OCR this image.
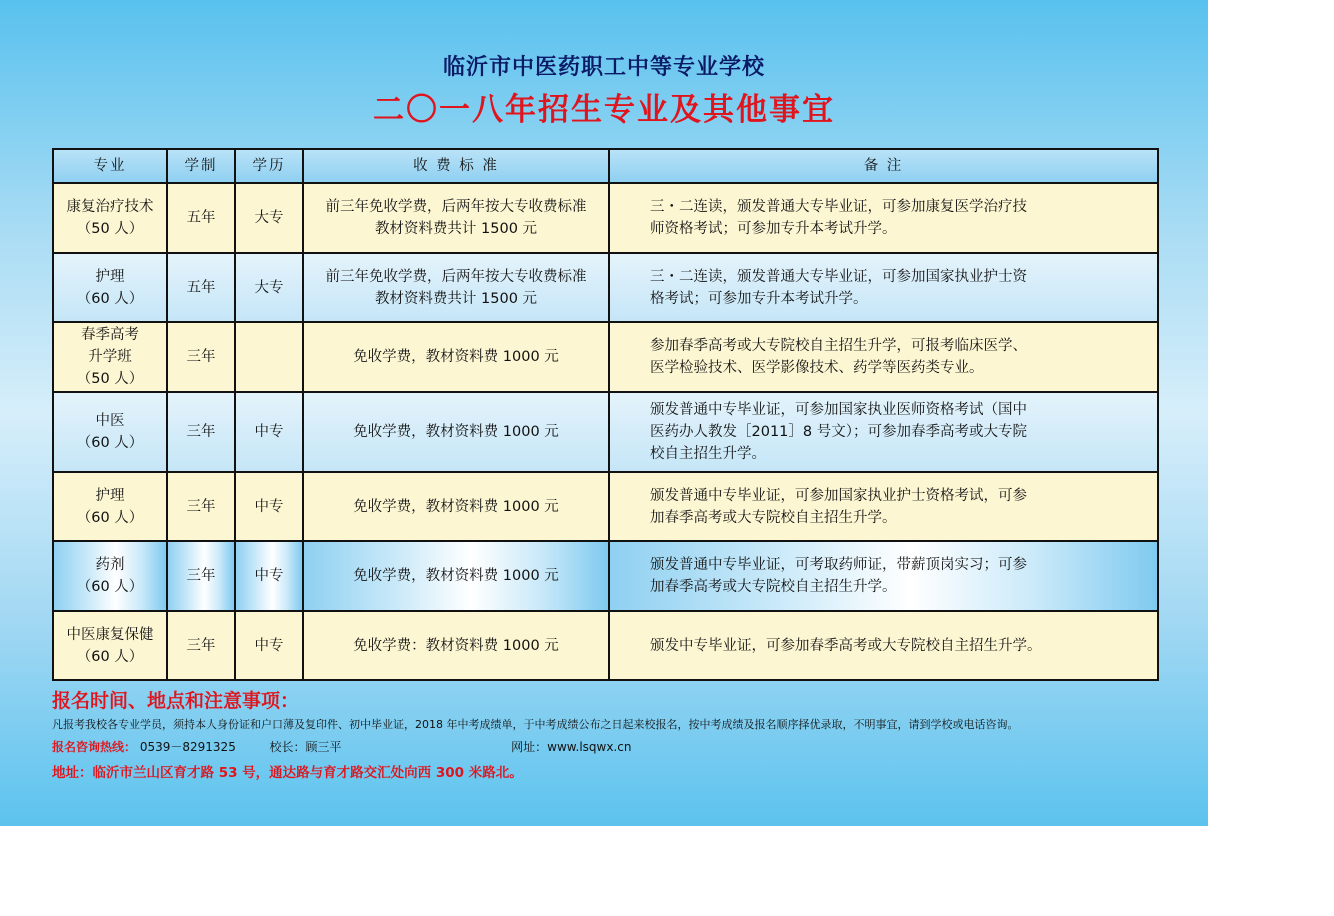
临沂市中医药职工中等专业学校
二〇一八年招生专业及其他事宜
专业	学制	学历	收 费 标 准	备 注

康复治疗技术
（50 人）	五年	大专	前三年免收学费，后两年按大专收费标准
教材资料费共计 1500 元	三・二连读，颁发普通大专毕业证，可参加康复医学治疗技
师资格考试；可参加专升本考试升学。

护理
（60 人）	五年	大专	前三年免收学费，后两年按大专收费标准
教材资料费共计 1500 元	三・二连读，颁发普通大专毕业证，可参加国家执业护士资
格考试；可参加专升本考试升学。

春季高考
升学班
（50 人）	三年		免收学费，教材资料费 1000 元	参加春季高考或大专院校自主招生升学，可报考临床医学、
医学检验技术、医学影像技术、药学等医药类专业。

中医
（60 人）	三年	中专	免收学费，教材资料费 1000 元	颁发普通中专毕业证，可参加国家执业医师资格考试（国中
医药办人教发［2011］8 号文）；可参加春季高考或大专院
校自主招生升学。

护理
（60 人）	三年	中专	免收学费，教材资料费 1000 元	颁发普通中专毕业证，可参加国家执业护士资格考试，可参
加春季高考或大专院校自主招生升学。

药剂
（60 人）	三年	中专	免收学费，教材资料费 1000 元	颁发普通中专毕业证，可考取药师证，带薪顶岗实习；可参
加春季高考或大专院校自主招生升学。

中医康复保健
（60 人）	三年	中专	免收学费：教材资料费 1000 元	颁发中专毕业证，可参加春季高考或大专院校自主招生升学。
报名时间、地点和注意事项：
凡报考我校各专业学员，须持本人身份证和户口薄及复印件、初中毕业证，2018 年中考成绩单，于中考成绩公布之日起来校报名，按中考成绩及报名顺序择优录取，不明事宜，请到学校或电话咨询。
报名咨询热线： 0539－8291325	校长：顾三平	网址：www.lsqwx.cn
地址：临沂市兰山区育才路 53 号，通达路与育才路交汇处向西 300 米路北。
